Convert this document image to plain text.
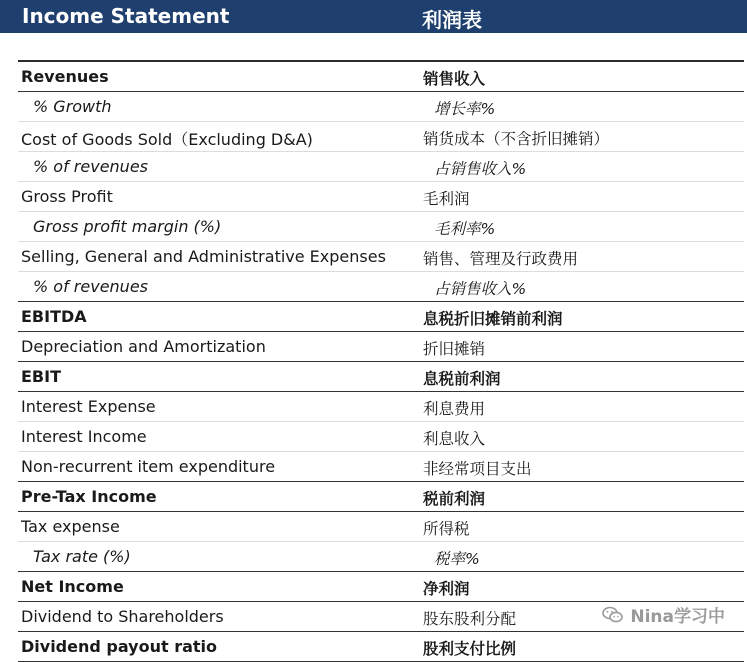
Income Statement	利润表
Revenues	销售收入
% Growth	增长率%
Cost of Goods Sold（Excluding D&A)	销货成本（不含折旧摊销）
% of revenues	占销售收入%
Gross Profit	毛利润
Gross profit margin (%)	毛利率%
Selling, General and Administrative Expenses 销售、管理及行政费用
% of revenues	占销售收入%
EBITDA	息税折旧摊销前利润
Depreciation and Amortization	折旧摊销
EBIT	息税前利润
Interest Expense	利息费用
Interest Income	利息收入
Non-recurrent item expenditure	非经常项目支出
Pre-Tax Income	税前利润
Tax expense	所得税
Tax rate (%)	税率%
Net Income	净利润
Dividend to Shareholders	股东股利分配
Dividend payout ratio	股利支付比例
Nina学习中
